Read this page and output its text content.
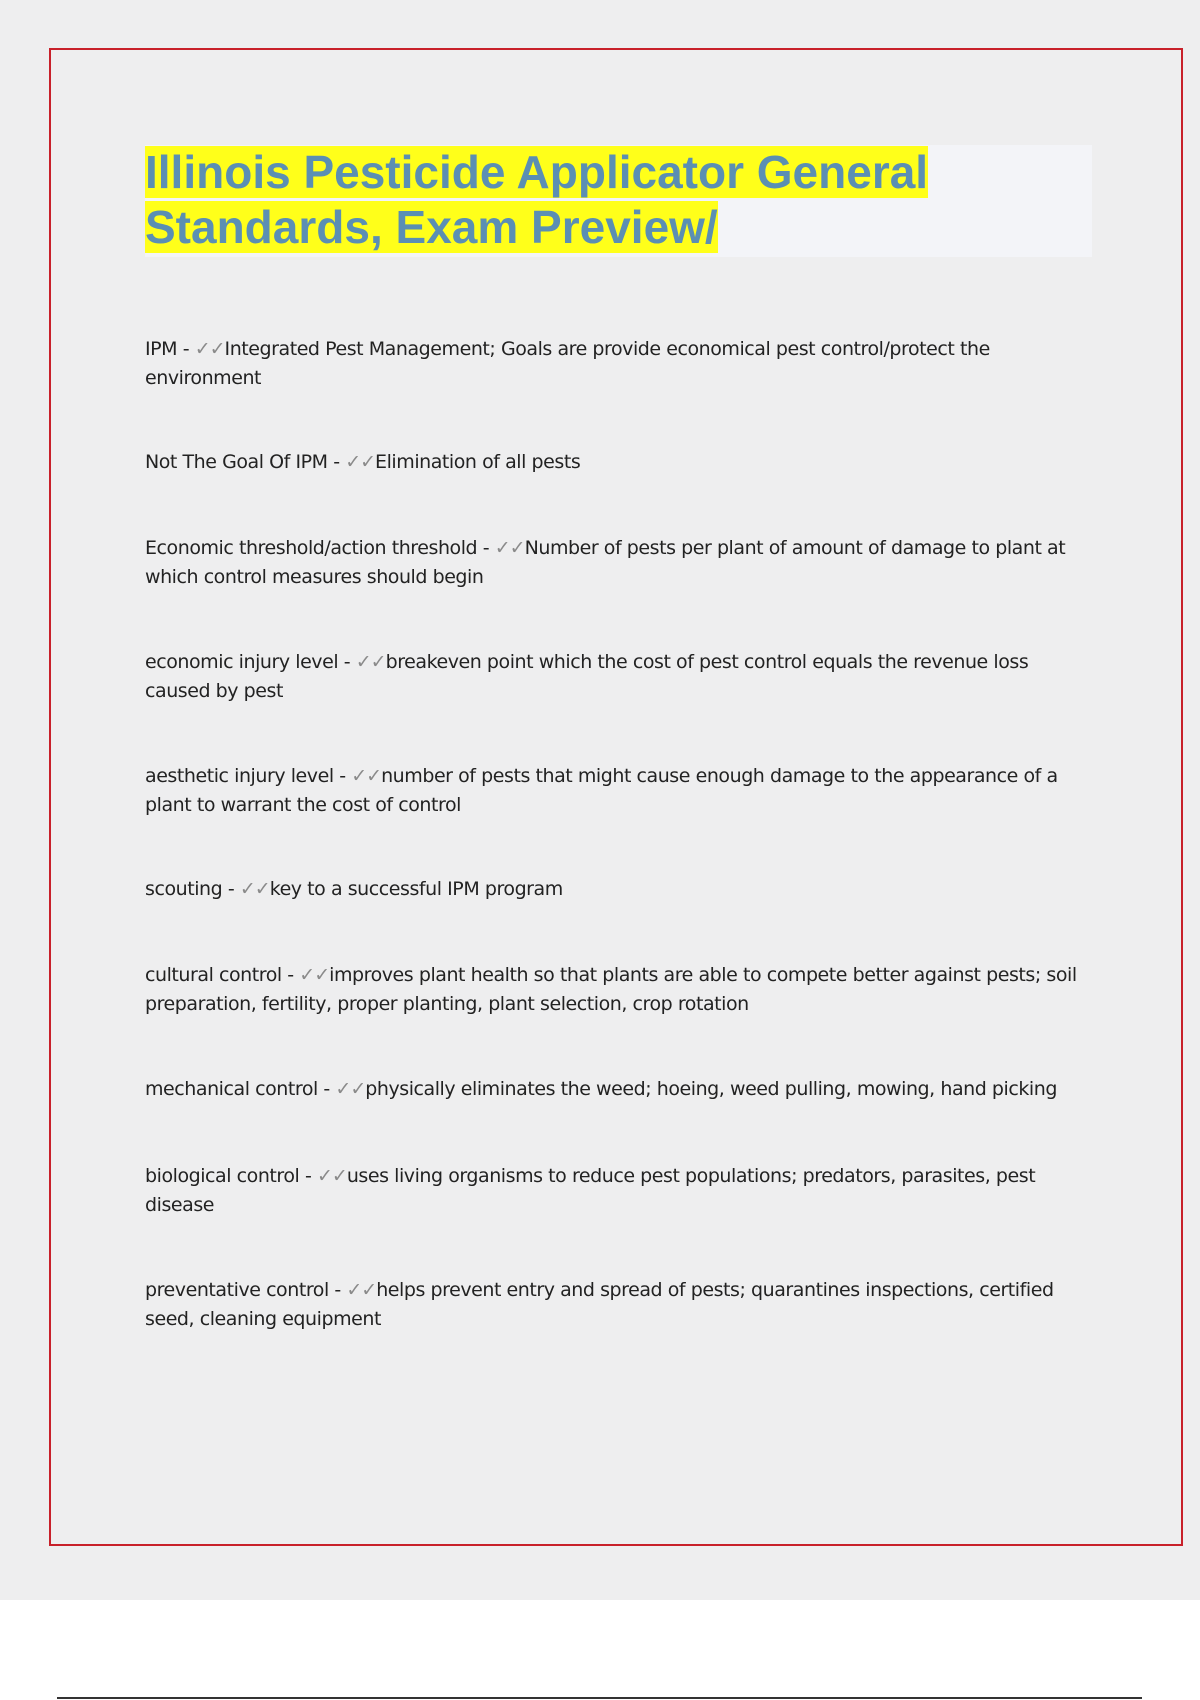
Illinois Pesticide Applicator General
Standards, Exam Preview/

IPM - ✓✓Integrated Pest Management; Goals are provide economical pest control/protect the environment

Not The Goal Of IPM - ✓✓Elimination of all pests

Economic threshold/action threshold - ✓✓Number of pests per plant of amount of damage to plant at which control measures should begin

economic injury level - ✓✓breakeven point which the cost of pest control equals the revenue loss caused by pest

aesthetic injury level - ✓✓number of pests that might cause enough damage to the appearance of a plant to warrant the cost of control

scouting - ✓✓key to a successful IPM program

cultural control - ✓✓improves plant health so that plants are able to compete better against pests; soil preparation, fertility, proper planting, plant selection, crop rotation

mechanical control - ✓✓physically eliminates the weed; hoeing, weed pulling, mowing, hand picking

biological control - ✓✓uses living organisms to reduce pest populations; predators, parasites, pest disease

preventative control - ✓✓helps prevent entry and spread of pests; quarantines inspections, certified seed, cleaning equipment
